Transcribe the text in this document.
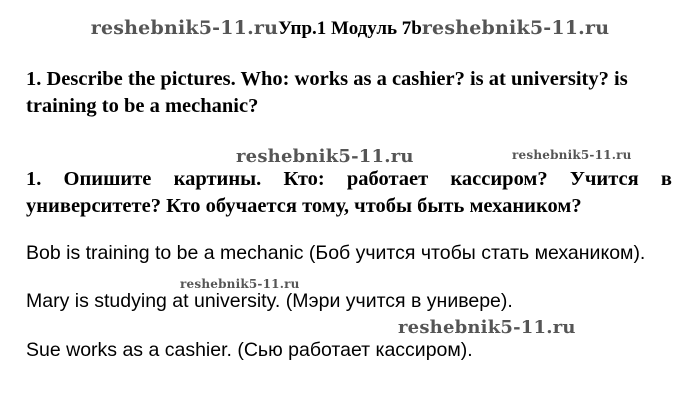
reshebnik5-11.ruУпр.1 Модуль 7breshebnik5-11.ru
1. Describe the pictures. Who: works as a cashier? is at university? is training to be a mechanic?
reshebnik5-11.ru	reshebnik5-11.ru
1. Опишите картины. Кто: работает кассиром? Учится в университете? Кто обучается тому, чтобы быть механиком?
Bob is training to be a mechanic (Боб учится чтобы стать механиком).
reshebnik5-11.ru
Mary is studying at university. (Мэри учится в универе).
reshebnik5-11.ru
Sue works as a cashier. (Сью работает кассиром).
